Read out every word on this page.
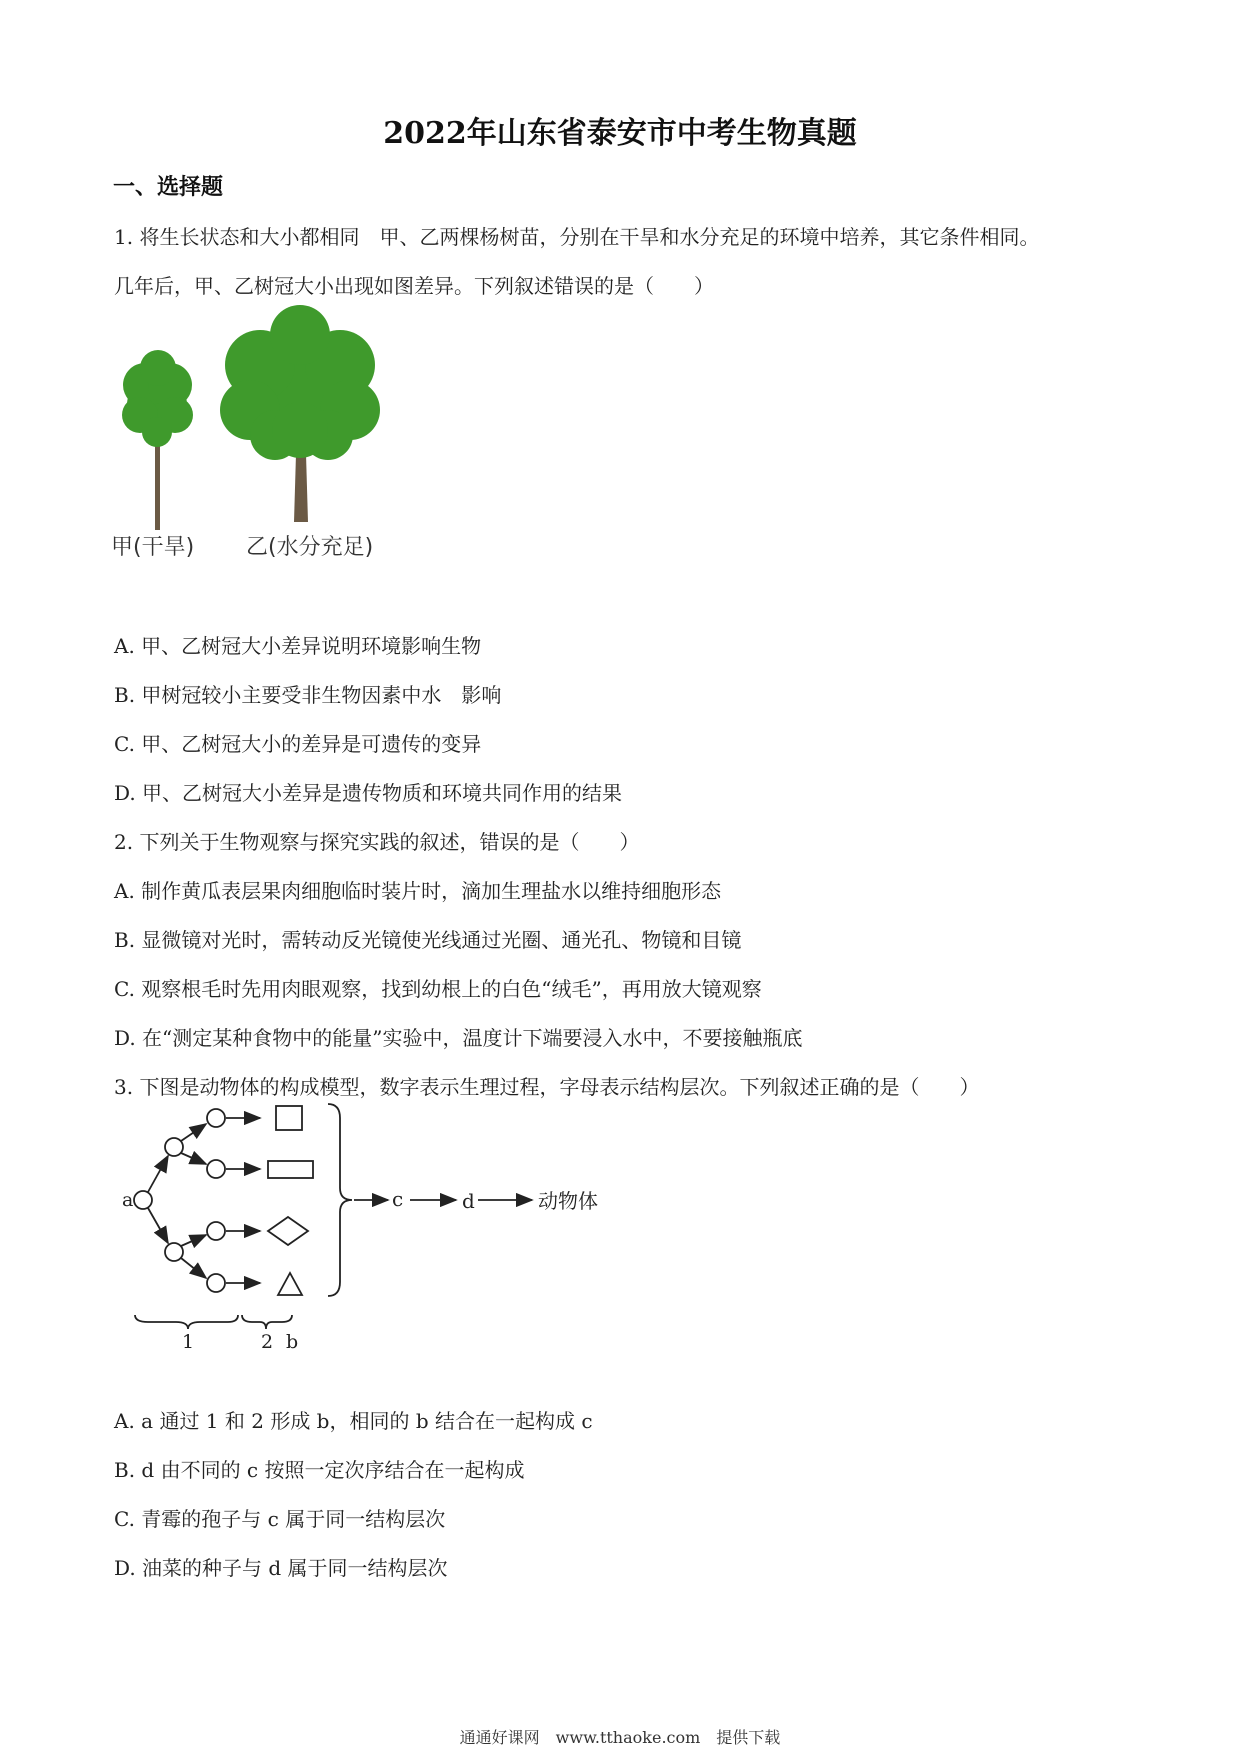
2022年山东省泰安市中考生物真题
一、选择题
1. 将生长状态和大小都相同　甲、乙两棵杨树苗，分别在干旱和水分充足的环境中培养，其它条件相同。
几年后，甲、乙树冠大小出现如图差异。下列叙述错误的是（　　）
甲(干旱) 乙(水分充足)
A. 甲、乙树冠大小差异说明环境影响生物
B. 甲树冠较小主要受非生物因素中水　影响
C. 甲、乙树冠大小的差异是可遗传的变异
D. 甲、乙树冠大小差异是遗传物质和环境共同作用的结果
2. 下列关于生物观察与探究实践的叙述，错误的是（　　）
A. 制作黄瓜表层果肉细胞临时装片时，滴加生理盐水以维持细胞形态
B. 显微镜对光时，需转动反光镜使光线通过光圈、通光孔、物镜和目镜
C. 观察根毛时先用肉眼观察，找到幼根上的白色“绒毛”，再用放大镜观察
D. 在“测定某种食物中的能量”实验中，温度计下端要浸入水中，不要接触瓶底
3. 下图是动物体的构成模型，数字表示生理过程，字母表示结构层次。下列叙述正确的是（　　）
a	c	d	动物体
1	2 b
A. a 通过 1 和 2 形成 b，相同的 b 结合在一起构成 c
B. d 由不同的 c 按照一定次序结合在一起构成
C. 青霉的孢子与 c 属于同一结构层次
D. 油菜的种子与 d 属于同一结构层次
通通好课网　www.tthaoke.com　提供下载
